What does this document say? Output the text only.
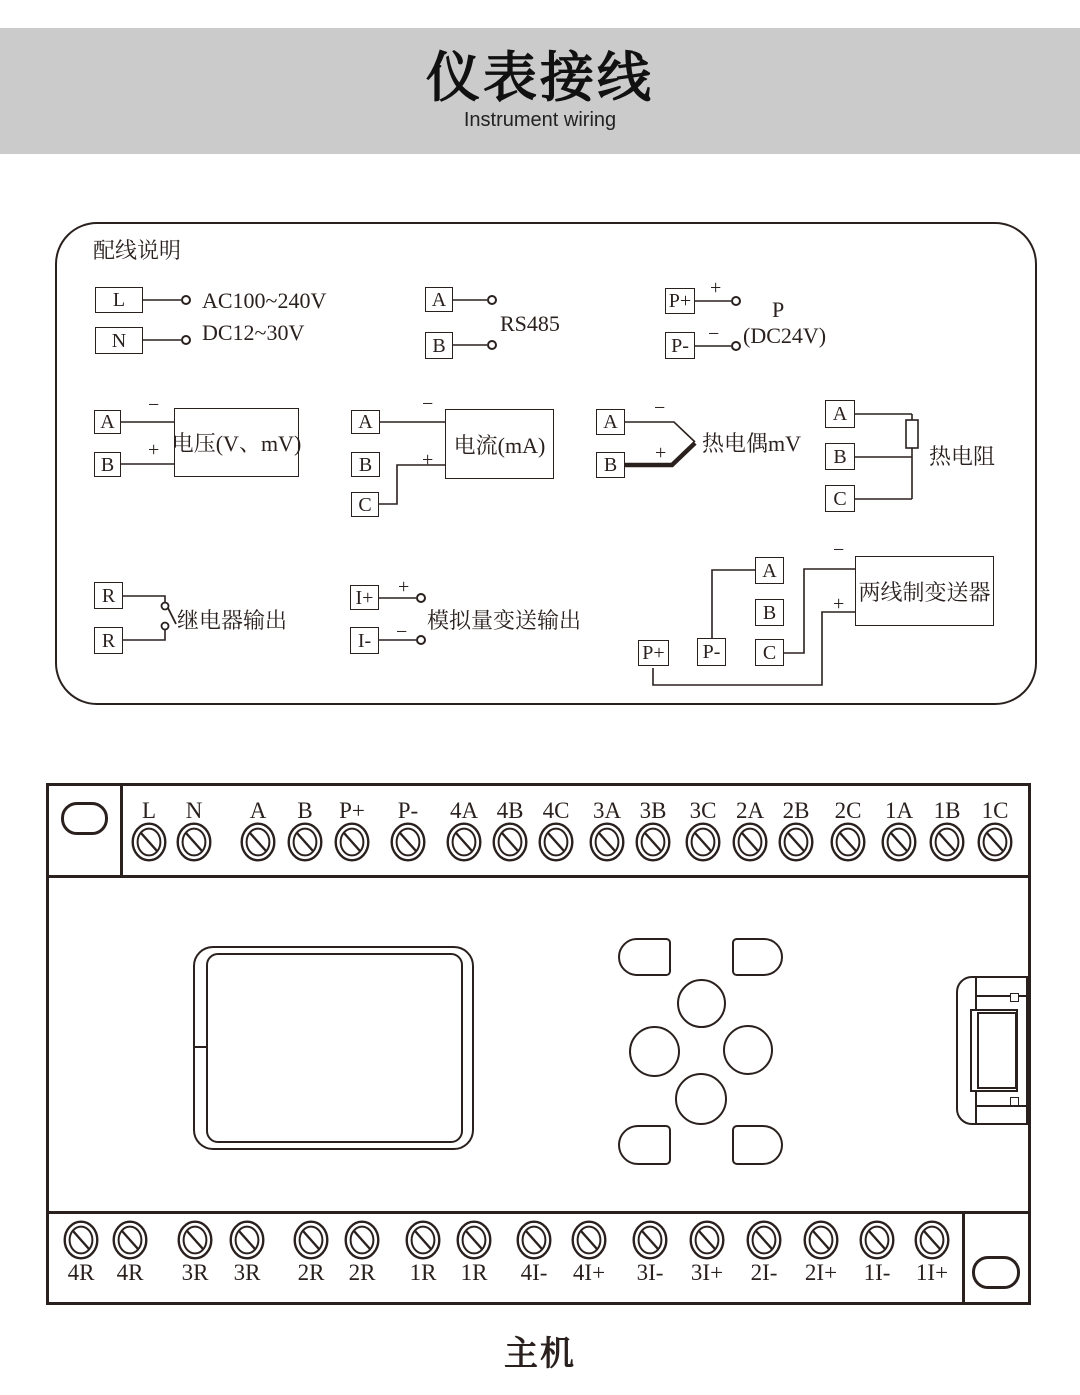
仪表接线
Instrument wiring
配线说明
L
N
AC100~240V
DC12~30V
A
B
RS485
P+
P-
+
−
P
(DC24V)
A
B
−
+ 电压(V、mV)
A
B
C
−
+
电流(mA)
A
B
−
+ 热电偶mV
A
B
C
热电阻
R
R
继电器输出
I+
I-
+
− 模拟量变送输出
A
B
C
P+ P-
−
+ 两线制变送器
L N A B P+ P- 4A 4B 4C 3A 3B 3C 2A 2B 2C 1A 1B 1C
4R 4R 3R 3R 2R 2R 1R 1R 4I- 4I+ 3I- 3I+ 2I- 2I+ 1I- 1I+
主机
